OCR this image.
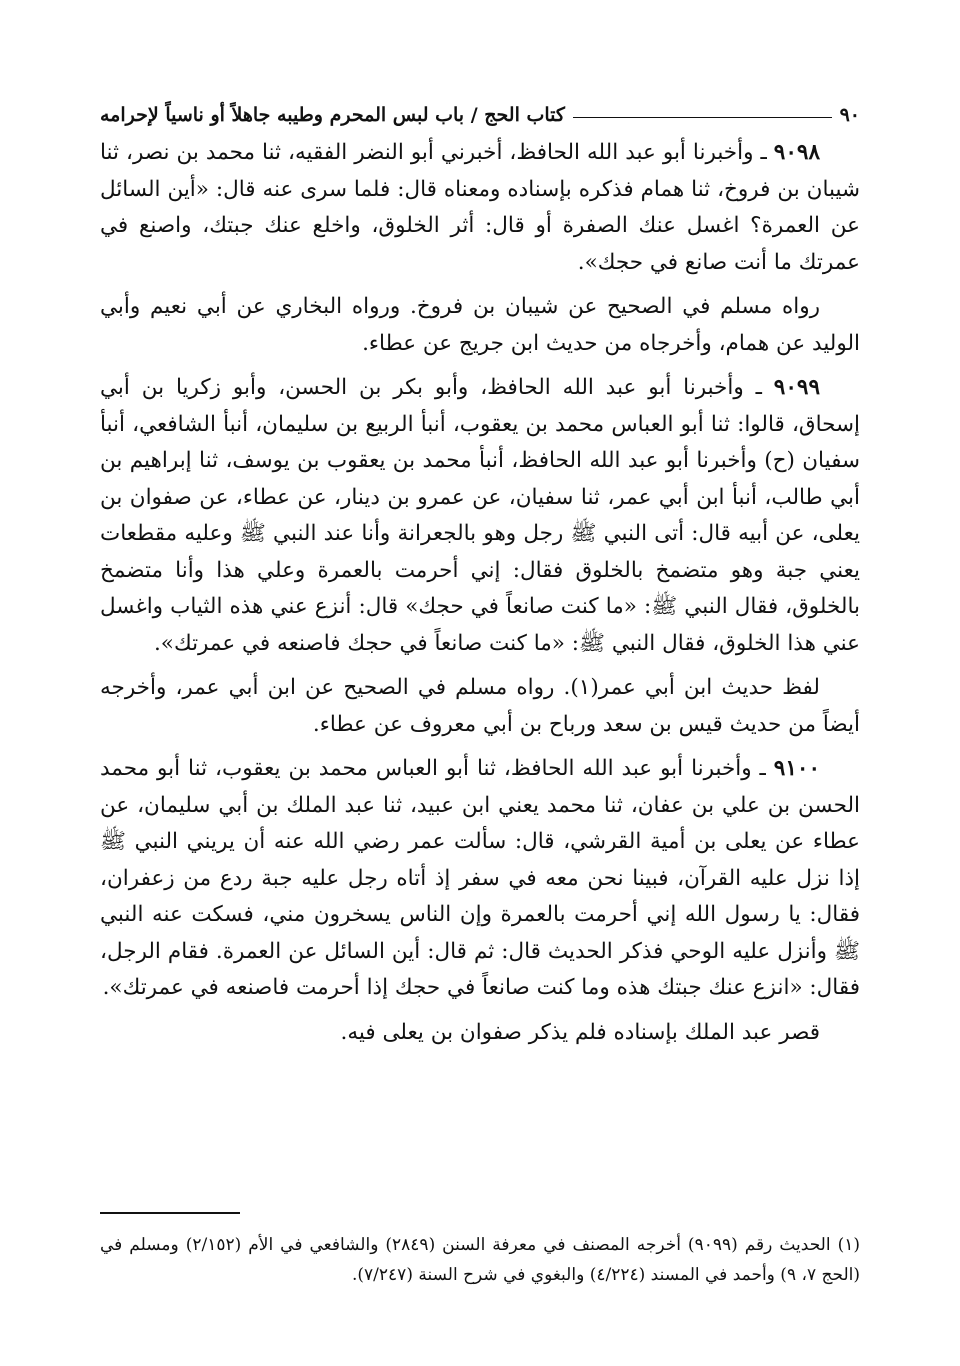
٩٠
كتاب الحج / باب لبس المحرم وطيبه جاهلاً أو ناسياً لإحرامه

٩٠٩٨ ـ وأخبرنا أبو عبد الله الحافظ، أخبرني أبو النضر الفقيه، ثنا محمد بن نصر، ثنا شيبان بن فروخ، ثنا همام فذكره بإسناده ومعناه قال: فلما سرى عنه قال: «أين السائل عن العمرة؟ اغسل عنك الصفرة أو قال: أثر الخلوق، واخلع عنك جبتك، واصنع في عمرتك ما أنت صانع في حجك».

رواه مسلم في الصحيح عن شيبان بن فروخ. ورواه البخاري عن أبي نعيم وأبي الوليد عن همام، وأخرجاه من حديث ابن جريج عن عطاء.

٩٠٩٩ ـ وأخبرنا أبو عبد الله الحافظ، وأبو بكر بن الحسن، وأبو زكريا بن أبي إسحاق، قالوا: ثنا أبو العباس محمد بن يعقوب، أنبأ الربيع بن سليمان، أنبأ الشافعي، أنبأ سفيان (ح) وأخبرنا أبو عبد الله الحافظ، أنبأ محمد بن يعقوب بن يوسف، ثنا إبراهيم بن أبي طالب، أنبأ ابن أبي عمر، ثنا سفيان، عن عمرو بن دينار، عن عطاء، عن صفوان بن يعلى، عن أبيه قال: أتى النبي ﷺ رجل وهو بالجعرانة وأنا عند النبي ﷺ وعليه مقطعات يعني جبة وهو متضمخ بالخلوق فقال: إني أحرمت بالعمرة وعلي هذا وأنا متضمخ بالخلوق، فقال النبي ﷺ: «ما كنت صانعاً في حجك» قال: أنزع عني هذه الثياب واغسل عني هذا الخلوق، فقال النبي ﷺ: «ما كنت صانعاً في حجك فاصنعه في عمرتك».

لفظ حديث ابن أبي عمر(١). رواه مسلم في الصحيح عن ابن أبي عمر، وأخرجه أيضاً من حديث قيس بن سعد ورباح بن أبي معروف عن عطاء.

٩١٠٠ ـ وأخبرنا أبو عبد الله الحافظ، ثنا أبو العباس محمد بن يعقوب، ثنا أبو محمد الحسن بن علي بن عفان، ثنا محمد يعني ابن عبيد، ثنا عبد الملك بن أبي سليمان، عن عطاء عن يعلى بن أمية القرشي، قال: سألت عمر رضي الله عنه أن يريني النبي ﷺ إذا نزل عليه القرآن، فبينا نحن معه في سفر إذ أتاه رجل عليه جبة ردع من زعفران، فقال: يا رسول الله إني أحرمت بالعمرة وإن الناس يسخرون مني، فسكت عنه النبي ﷺ وأنزل عليه الوحي فذكر الحديث قال: ثم قال: أين السائل عن العمرة. فقام الرجل، فقال: «انزع عنك جبتك هذه وما كنت صانعاً في حجك إذا أحرمت فاصنعه في عمرتك».

قصر عبد الملك بإسناده فلم يذكر صفوان بن يعلى فيه.

(١) الحديث رقم (٩٠٩٩) أخرجه المصنف في معرفة السنن (٢٨٤٩) والشافعي في الأم (٢/١٥٢) ومسلم في (الحج ٧، ٩) وأحمد في المسند (٤/٢٢٤) والبغوي في شرح السنة (٧/٢٤٧).
